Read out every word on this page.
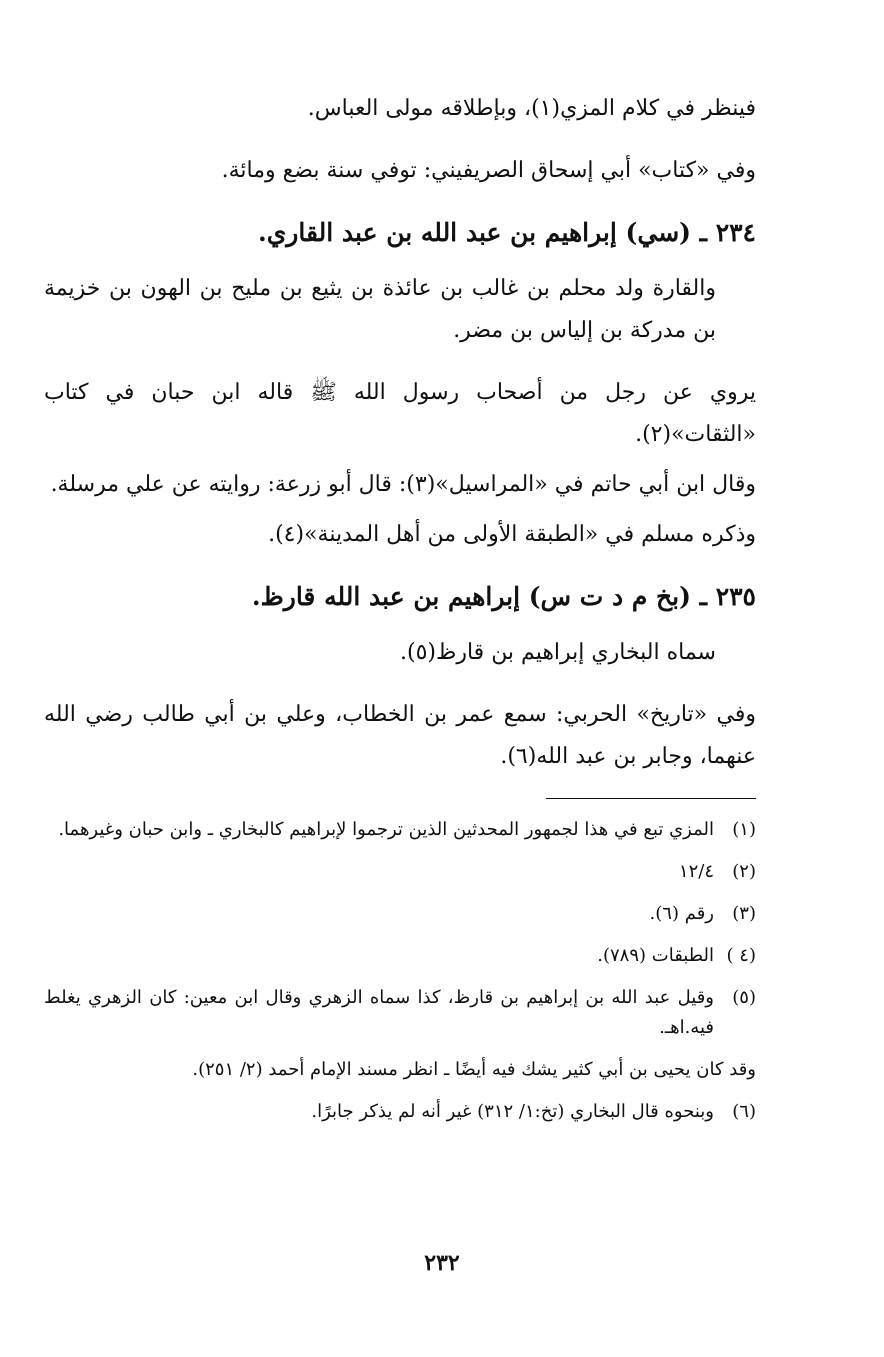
فينظر في كلام المزي(١)، وبإطلاقه مولى العباس.

وفي «كتاب» أبي إسحاق الصريفيني: توفي سنة بضع ومائة.

٢٣٤ ـ (سي) إبراهيم بن عبد الله بن عبد القاري.

والقارة ولد محلم بن غالب بن عائذة بن يثيع بن مليح بن الهون بن خزيمة بن مدركة بن إلياس بن مضر.

يروي عن رجل من أصحاب رسول الله ﷺ قاله ابن حبان في كتاب «الثقات»(٢).

وقال ابن أبي حاتم في «المراسيل»(٣): قال أبو زرعة: روايته عن علي مرسلة.

وذكره مسلم في «الطبقة الأولى من أهل المدينة»(٤).

٢٣٥ ـ (بخ م د ت س) إبراهيم بن عبد الله قارظ.

سماه البخاري إبراهيم بن قارظ(٥).

وفي «تاريخ» الحربي: سمع عمر بن الخطاب، وعلي بن أبي طالب رضي الله عنهما، وجابر بن عبد الله(٦).

(١)
المزي تبع في هذا لجمهور المحدثين الذين ترجموا لإبراهيم كالبخاري ـ وابن حبان وغيرهما.
(٢)
١٢/٤
(٣)
رقم (٦).
(٤ )
الطبقات (٧٨٩).
(٥)
وقيل عبد الله بن إبراهيم بن قارظ، كذا سماه الزهري وقال ابن معين: كان الزهري يغلط فيه.اهـ.
وقد كان يحيى بن أبي كثير يشك فيه أيضًا ـ انظر مسند الإمام أحمد (٢/ ٢٥١).
(٦)
وبنحوه قال البخاري (تخ:١/ ٣١٢) غير أنه لم يذكر جابرًا.
٢٣٢
